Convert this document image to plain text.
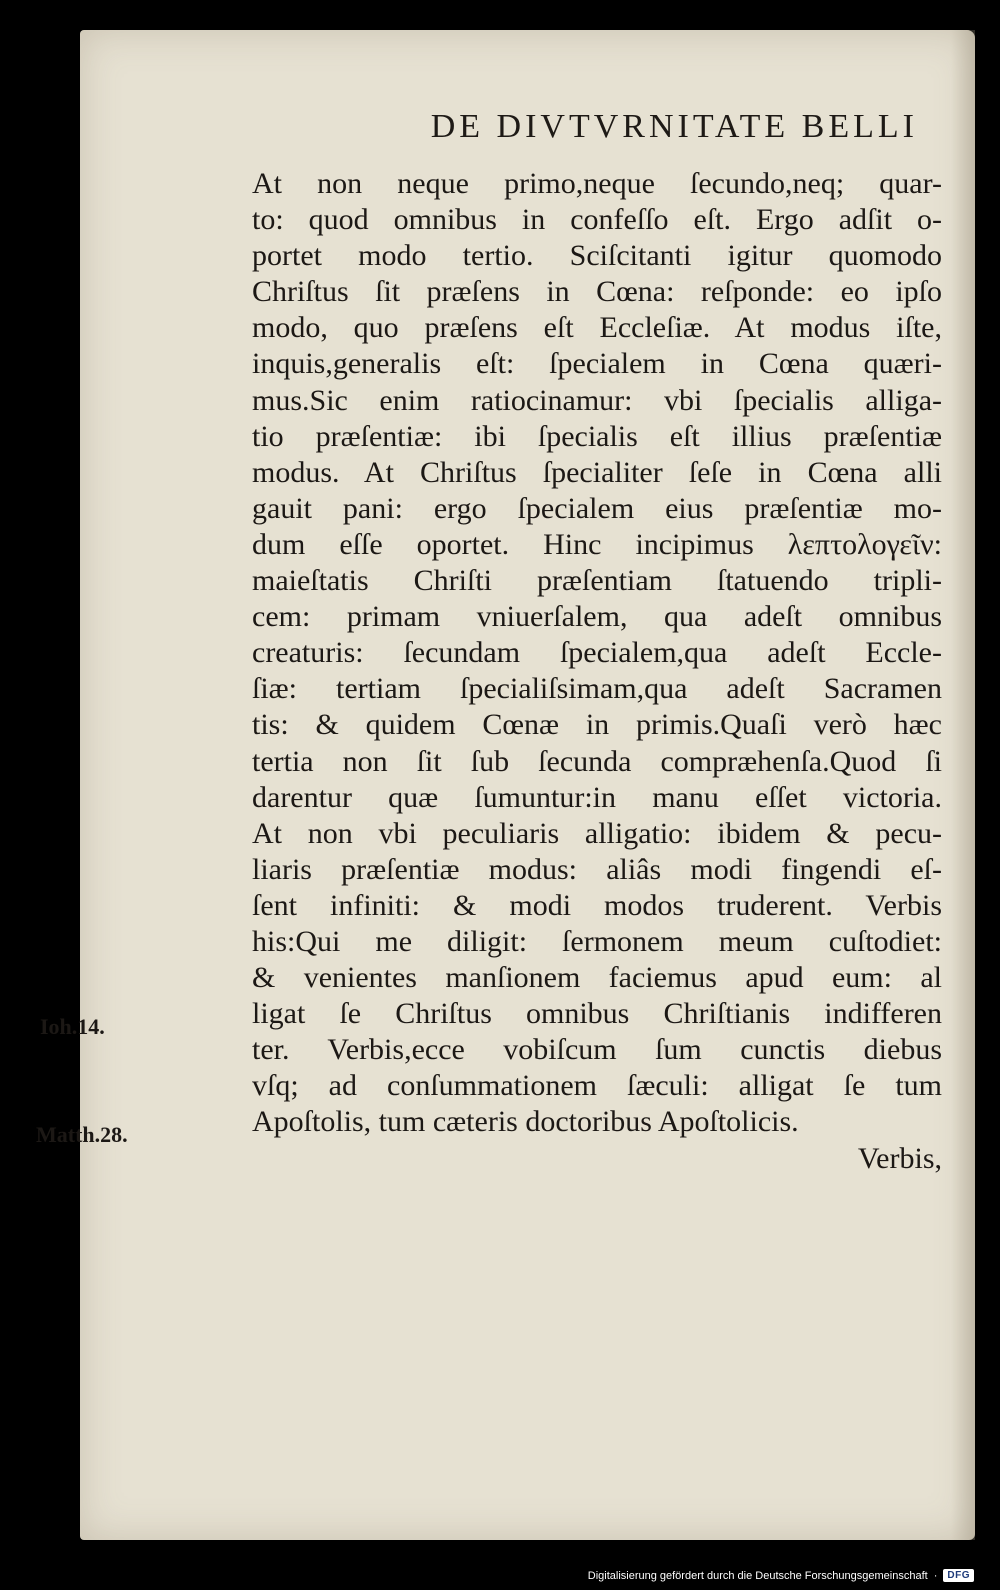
DE DIVTVRNITATE BELLI
At non neque primo,neque ſecundo,neq; quar-
to: quod omnibus in confeſſo eſt. Ergo adſit o-
portet modo tertio. Sciſcitanti igitur quomodo
Chriſtus ſit præſens in Cœna: reſponde: eo ipſo
modo, quo præſens eſt Eccleſiæ. At modus iſte,
inquis,generalis eſt: ſpecialem in Cœna quæri-
mus.Sic enim ratiocinamur: vbi ſpecialis alliga-
tio præſentiæ: ibi ſpecialis eſt illius præſentiæ
modus. At Chriſtus ſpecialiter ſeſe in Cœna alli
gauit pani: ergo ſpecialem eius præſentiæ mo-
dum eſſe oportet. Hinc incipimus λεπτολογεῖν:
maieſtatis Chriſti præſentiam ſtatuendo tripli-
cem: primam vniuerſalem, qua adeſt omnibus
creaturis: ſecundam ſpecialem,qua adeſt Eccle-
ſiæ: tertiam ſpecialiſsimam,qua adeſt Sacramen
tis: & quidem Cœnæ in primis.Quaſi verò hæc
tertia non ſit ſub ſecunda compræhenſa.Quod ſi
darentur quæ ſumuntur:in manu eſſet victoria.
At non vbi peculiaris alligatio: ibidem & pecu-
liaris præſentiæ modus: aliâs modi fingendi eſ-
ſent infiniti: & modi modos truderent. Verbis
his:Qui me diligit: ſermonem meum cuſtodiet:
& venientes manſionem faciemus apud eum: al
ligat ſe Chriſtus omnibus Chriſtianis indifferen
ter. Verbis,ecce vobiſcum ſum cunctis diebus
vſq; ad conſummationem ſæculi: alligat ſe tum
Apoſtolis, tum cæteris doctoribus Apoſtolicis.
Verbis,
Ioh.14.
Matth.28.
Digitalisierung gefördert durch die Deutsche Forschungsgemeinschaft ·	DFG
